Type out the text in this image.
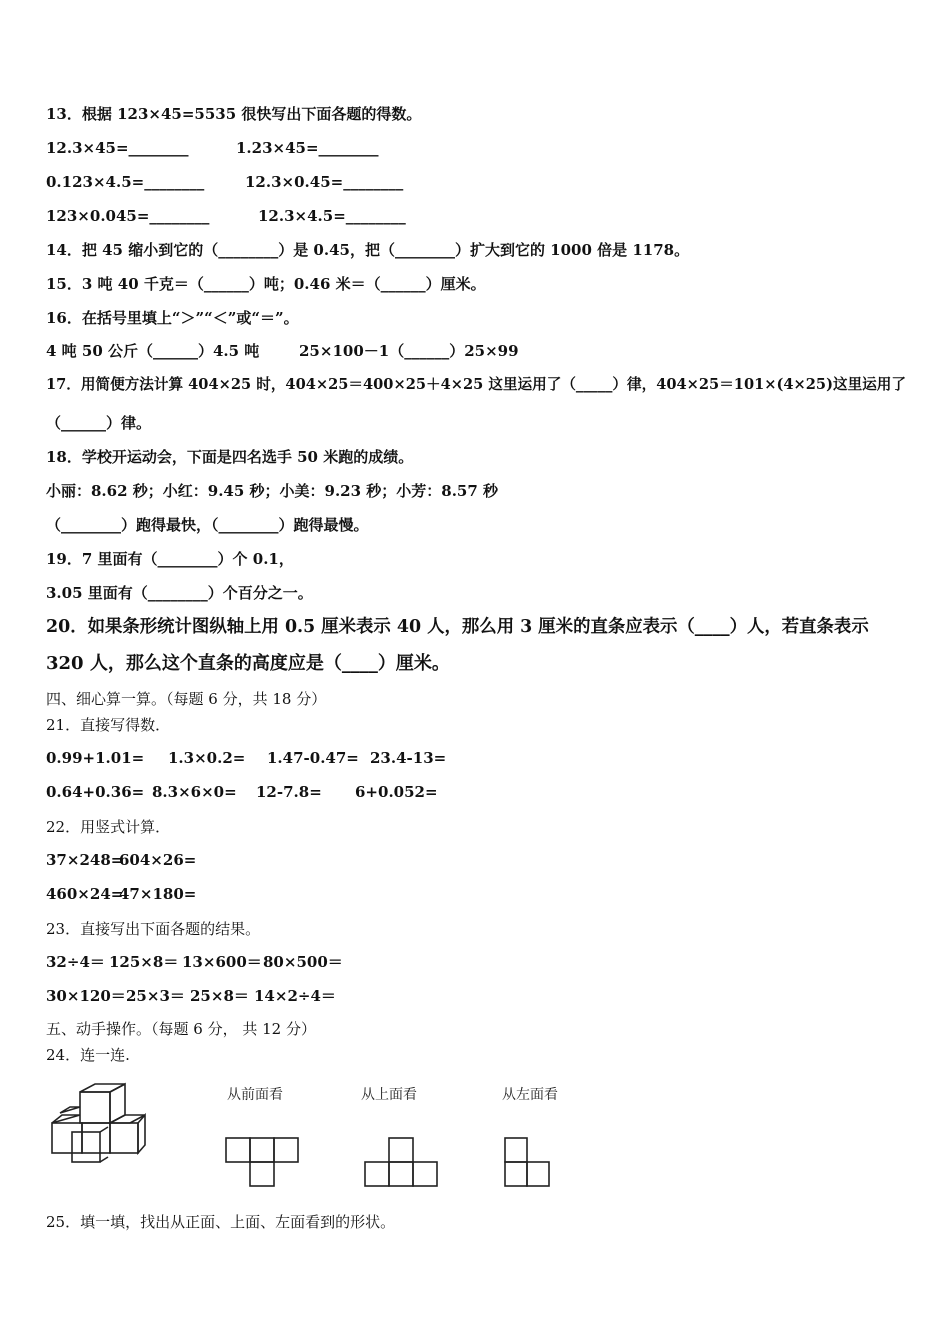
13．根据 123×45=5535 很快写出下面各题的得数。
12.3×45=________	1.23×45=________
0.123×4.5=________	12.3×0.45=________
123×0.045=________	12.3×4.5=________
14．把 45 缩小到它的（________）是 0.45，把（________）扩大到它的 1000 倍是 1178。
15．3 吨 40 千克＝（______）吨；0.46 米＝（______）厘米。
16．在括号里填上“＞”“＜”或“＝”。
4 吨 50 公斤（______）4.5 吨	25×100－1（______）25×99
17．用简便方法计算 404×25 时，404×25＝400×25＋4×25 这里运用了（_____）律，404×25＝101×(4×25)这里运用了
（______）律。
18．学校开运动会，下面是四名选手 50 米跑的成绩。
小丽：8.62 秒；小红：9.45 秒；小美：9.23 秒；小芳：8.57 秒
（________）跑得最快，（________）跑得最慢。
19．7 里面有（________）个 0.1，
3.05 里面有（________）个百分之一。
20．如果条形统计图纵轴上用 0.5 厘米表示 40 人，那么用 3 厘米的直条应表示（____）人，若直条表示
320 人，那么这个直条的高度应是（____）厘米。
四、细心算一算。（每题 6 分，共 18 分）
21．直接写得数．
0.99+1.01= 1.3×0.2= 1.47-0.47= 23.4-13=
0.64+0.36= 8.3×6×0= 12-7.8= 6+0.052=
22．用竖式计算．
37×248=604×26=
460×24=47×180=
23．直接写出下面各题的结果。
32÷4＝ 125×8＝ 13×600＝80×500＝
30×120＝25×3＝ 25×8＝ 14×2÷4＝
五、动手操作。（每题 6 分， 共 12 分）
24．连一连.
从前面看	从上面看	从左面看
25．填一填，找出从正面、上面、左面看到的形状。
